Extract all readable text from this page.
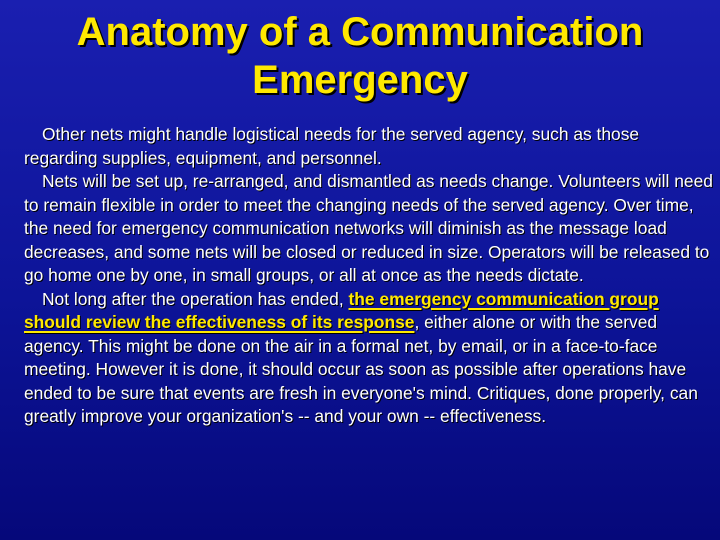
Anatomy of a Communication
Emergency

Other nets might handle logistical needs for the served agency, such as those regarding supplies, equipment, and personnel.

Nets will be set up, re-arranged, and dismantled as needs change. Volunteers will need to remain flexible in order to meet the changing needs of the served agency. Over time, the need for emergency communication networks will diminish as the message load decreases, and some nets will be closed or reduced in size. Operators will be released to go home one by one, in small groups, or all at once as the needs dictate.

Not long after the operation has ended, the emergency communication group should review the effectiveness of its response, either alone or with the served agency. This might be done on the air in a formal net, by email, or in a face-to-face meeting. However it is done, it should occur as soon as possible after operations have ended to be sure that events are fresh in everyone's mind. Critiques, done properly, can greatly improve your organization's -- and your own -- effectiveness.
